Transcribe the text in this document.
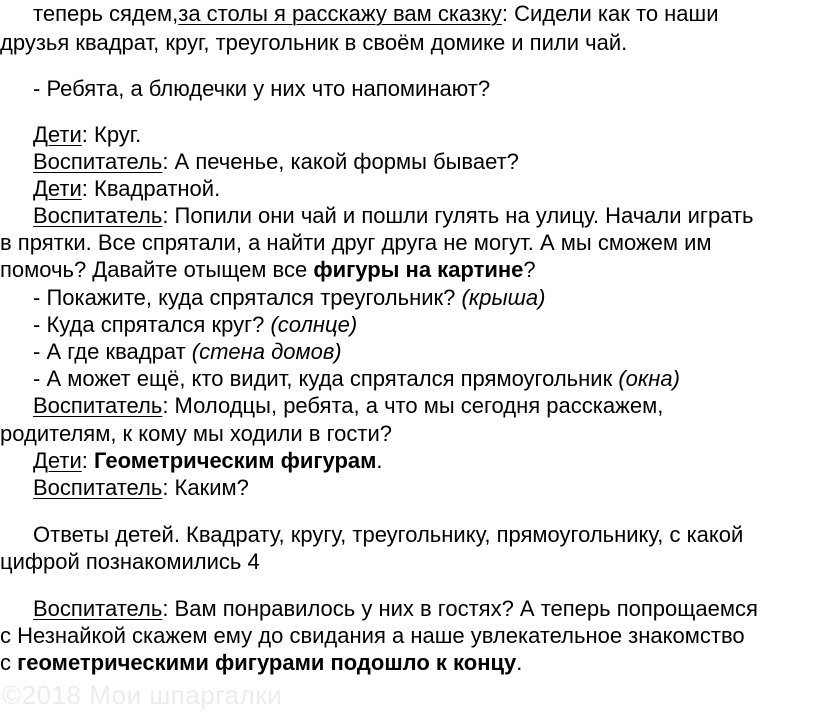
теперь сядем,за столы я расскажу вам сказку: Сидели как то наши
друзья квадрат, круг, треугольник в своём домике и пили чай.
- Ребята, а блюдечки у них что напоминают?
Дети: Круг.
Воспитатель: А печенье, какой формы бывает?
Дети: Квадратной.
Воспитатель: Попили они чай и пошли гулять на улицу. Начали играть
в прятки. Все спрятали, а найти друг друга не могут. А мы сможем им
помочь? Давайте отыщем все фигуры на картине?
- Покажите, куда спрятался треугольник? (крыша)
- Куда спрятался круг? (солнце)
- А где квадрат (стена домов)
- А может ещё, кто видит, куда спрятался прямоугольник (окна)
Воспитатель: Молодцы, ребята, а что мы сегодня расскажем,
родителям, к кому мы ходили в гости?
Дети: Геометрическим фигурам.
Воспитатель: Каким?
Ответы детей. Квадрату, кругу, треугольнику, прямоугольнику, с какой
цифрой познакомились 4
Воспитатель: Вам понравилось у них в гостях? А теперь попрощаемся
с Незнайкой скажем ему до свидания а наше увлекательное знакомство
с геометрическими фигурами подошло к концу.
©2018 Мои шпаргалки
